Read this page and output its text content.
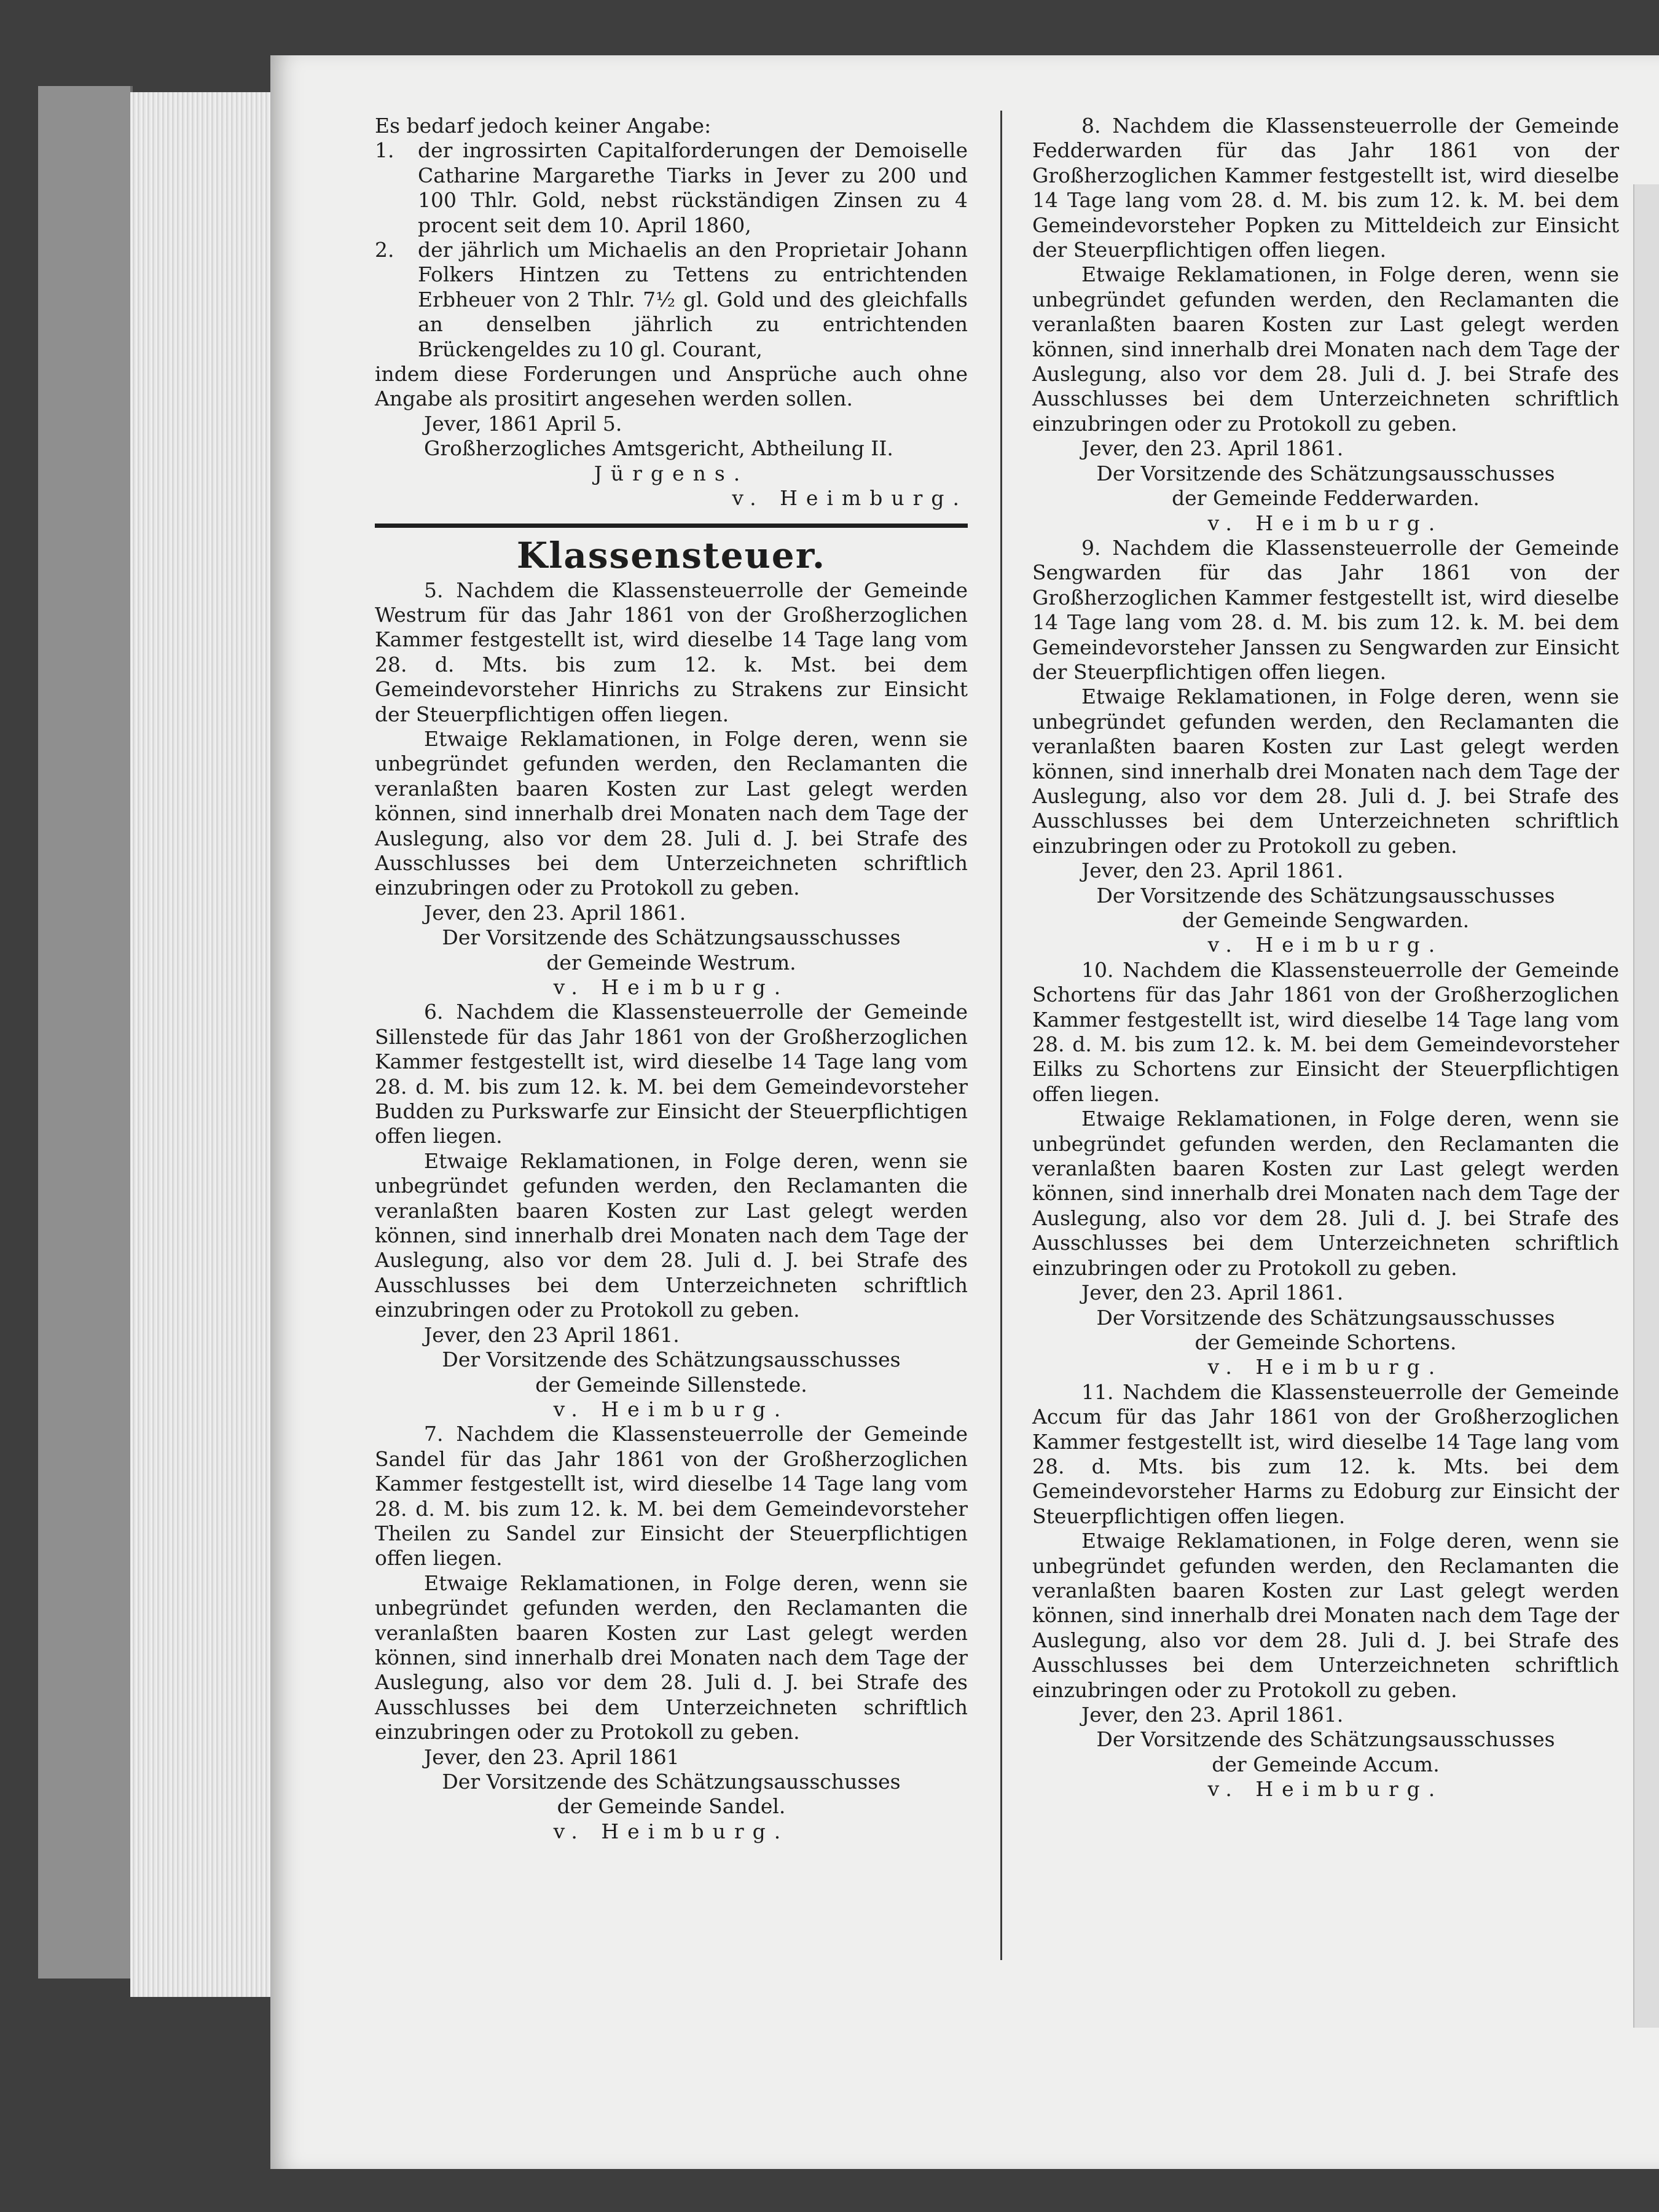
Es bedarf jedoch keiner Angabe:

1.	der ingrossirten Capitalforderungen der Demoiselle Catharine Margarethe Tiarks in Jever zu 200 und 100 Thlr. Gold, nebst rückständigen Zinsen zu 4 procent seit dem 10. April 1860,
2.	der jährlich um Michaelis an den Proprietair Johann Folkers Hintzen zu Tettens zu entrichtenden Erbheuer von 2 Thlr. 7½ gl. Gold und des gleichfalls an denselben jährlich zu entrichtenden Brückengeldes zu 10 gl. Courant,

indem diese Forderungen und Ansprüche auch ohne Angabe als prositirt angesehen werden sollen.

Jever, 1861 April 5.

Großherzogliches Amtsgericht, Abtheilung II.

Jürgens.

v. Heimburg.

Klassensteuer.

5. Nachdem die Klassensteuerrolle der Gemeinde Westrum für das Jahr 1861 von der Großherzoglichen Kammer festgestellt ist, wird dieselbe 14 Tage lang vom 28. d. Mts. bis zum 12. k. Mst. bei dem Gemeindevorsteher Hinrichs zu Strakens zur Einsicht der Steuerpflichtigen offen liegen.

Etwaige Reklamationen, in Folge deren, wenn sie unbegründet gefunden werden, den Reclamanten die veranlaßten baaren Kosten zur Last gelegt werden können, sind innerhalb drei Monaten nach dem Tage der Auslegung, also vor dem 28. Juli d. J. bei Strafe des Ausschlusses bei dem Unterzeichneten schriftlich einzubringen oder zu Protokoll zu geben.

Jever, den 23. April 1861.

Der Vorsitzende des Schätzungsausschusses

der Gemeinde Westrum.

v. Heimburg.

6. Nachdem die Klassensteuerrolle der Gemeinde Sillenstede für das Jahr 1861 von der Großherzoglichen Kammer festgestellt ist, wird dieselbe 14 Tage lang vom 28. d. M. bis zum 12. k. M. bei dem Gemeindevorsteher Budden zu Purkswarfe zur Einsicht der Steuerpflichtigen offen liegen.

Etwaige Reklamationen, in Folge deren, wenn sie unbegründet gefunden werden, den Reclamanten die veranlaßten baaren Kosten zur Last gelegt werden können, sind innerhalb drei Monaten nach dem Tage der Auslegung, also vor dem 28. Juli d. J. bei Strafe des Ausschlusses bei dem Unterzeichneten schriftlich einzubringen oder zu Protokoll zu geben.

Jever, den 23 April 1861.

Der Vorsitzende des Schätzungsausschusses

der Gemeinde Sillenstede.

v. Heimburg.

7. Nachdem die Klassensteuerrolle der Gemeinde Sandel für das Jahr 1861 von der Großherzoglichen Kammer festgestellt ist, wird dieselbe 14 Tage lang vom 28. d. M. bis zum 12. k. M. bei dem Gemeindevorsteher Theilen zu Sandel zur Einsicht der Steuerpflichtigen offen liegen.

Etwaige Reklamationen, in Folge deren, wenn sie unbegründet gefunden werden, den Reclamanten die veranlaßten baaren Kosten zur Last gelegt werden können, sind innerhalb drei Monaten nach dem Tage der Auslegung, also vor dem 28. Juli d. J. bei Strafe des Ausschlusses bei dem Unterzeichneten schriftlich einzubringen oder zu Protokoll zu geben.

Jever, den 23. April 1861

Der Vorsitzende des Schätzungsausschusses

der Gemeinde Sandel.

v. Heimburg.

8. Nachdem die Klassensteuerrolle der Gemeinde Fedderwarden für das Jahr 1861 von der Großherzoglichen Kammer festgestellt ist, wird dieselbe 14 Tage lang vom 28. d. M. bis zum 12. k. M. bei dem Gemeindevorsteher Popken zu Mitteldeich zur Einsicht der Steuerpflichtigen offen liegen.

Etwaige Reklamationen, in Folge deren, wenn sie unbegründet gefunden werden, den Reclamanten die veranlaßten baaren Kosten zur Last gelegt werden können, sind innerhalb drei Monaten nach dem Tage der Auslegung, also vor dem 28. Juli d. J. bei Strafe des Ausschlusses bei dem Unterzeichneten schriftlich einzubringen oder zu Protokoll zu geben.

Jever, den 23. April 1861.

Der Vorsitzende des Schätzungsausschusses

der Gemeinde Fedderwarden.

v. Heimburg.

9. Nachdem die Klassensteuerrolle der Gemeinde Sengwarden für das Jahr 1861 von der Großherzoglichen Kammer festgestellt ist, wird dieselbe 14 Tage lang vom 28. d. M. bis zum 12. k. M. bei dem Gemeindevorsteher Janssen zu Sengwarden zur Einsicht der Steuerpflichtigen offen liegen.

Etwaige Reklamationen, in Folge deren, wenn sie unbegründet gefunden werden, den Reclamanten die veranlaßten baaren Kosten zur Last gelegt werden können, sind innerhalb drei Monaten nach dem Tage der Auslegung, also vor dem 28. Juli d. J. bei Strafe des Ausschlusses bei dem Unterzeichneten schriftlich einzubringen oder zu Protokoll zu geben.

Jever, den 23. April 1861.

Der Vorsitzende des Schätzungsausschusses

der Gemeinde Sengwarden.

v. Heimburg.

10. Nachdem die Klassensteuerrolle der Gemeinde Schortens für das Jahr 1861 von der Großherzoglichen Kammer festgestellt ist, wird dieselbe 14 Tage lang vom 28. d. M. bis zum 12. k. M. bei dem Gemeindevorsteher Eilks zu Schortens zur Einsicht der Steuerpflichtigen offen liegen.

Etwaige Reklamationen, in Folge deren, wenn sie unbegründet gefunden werden, den Reclamanten die veranlaßten baaren Kosten zur Last gelegt werden können, sind innerhalb drei Monaten nach dem Tage der Auslegung, also vor dem 28. Juli d. J. bei Strafe des Ausschlusses bei dem Unterzeichneten schriftlich einzubringen oder zu Protokoll zu geben.

Jever, den 23. April 1861.

Der Vorsitzende des Schätzungsausschusses

der Gemeinde Schortens.

v. Heimburg.

11. Nachdem die Klassensteuerrolle der Gemeinde Accum für das Jahr 1861 von der Großherzoglichen Kammer festgestellt ist, wird dieselbe 14 Tage lang vom 28. d. Mts. bis zum 12. k. Mts. bei dem Gemeindevorsteher Harms zu Edoburg zur Einsicht der Steuerpflichtigen offen liegen.

Etwaige Reklamationen, in Folge deren, wenn sie unbegründet gefunden werden, den Reclamanten die veranlaßten baaren Kosten zur Last gelegt werden können, sind innerhalb drei Monaten nach dem Tage der Auslegung, also vor dem 28. Juli d. J. bei Strafe des Ausschlusses bei dem Unterzeichneten schriftlich einzubringen oder zu Protokoll zu geben.

Jever, den 23. April 1861.

Der Vorsitzende des Schätzungsausschusses

der Gemeinde Accum.

v. Heimburg.
